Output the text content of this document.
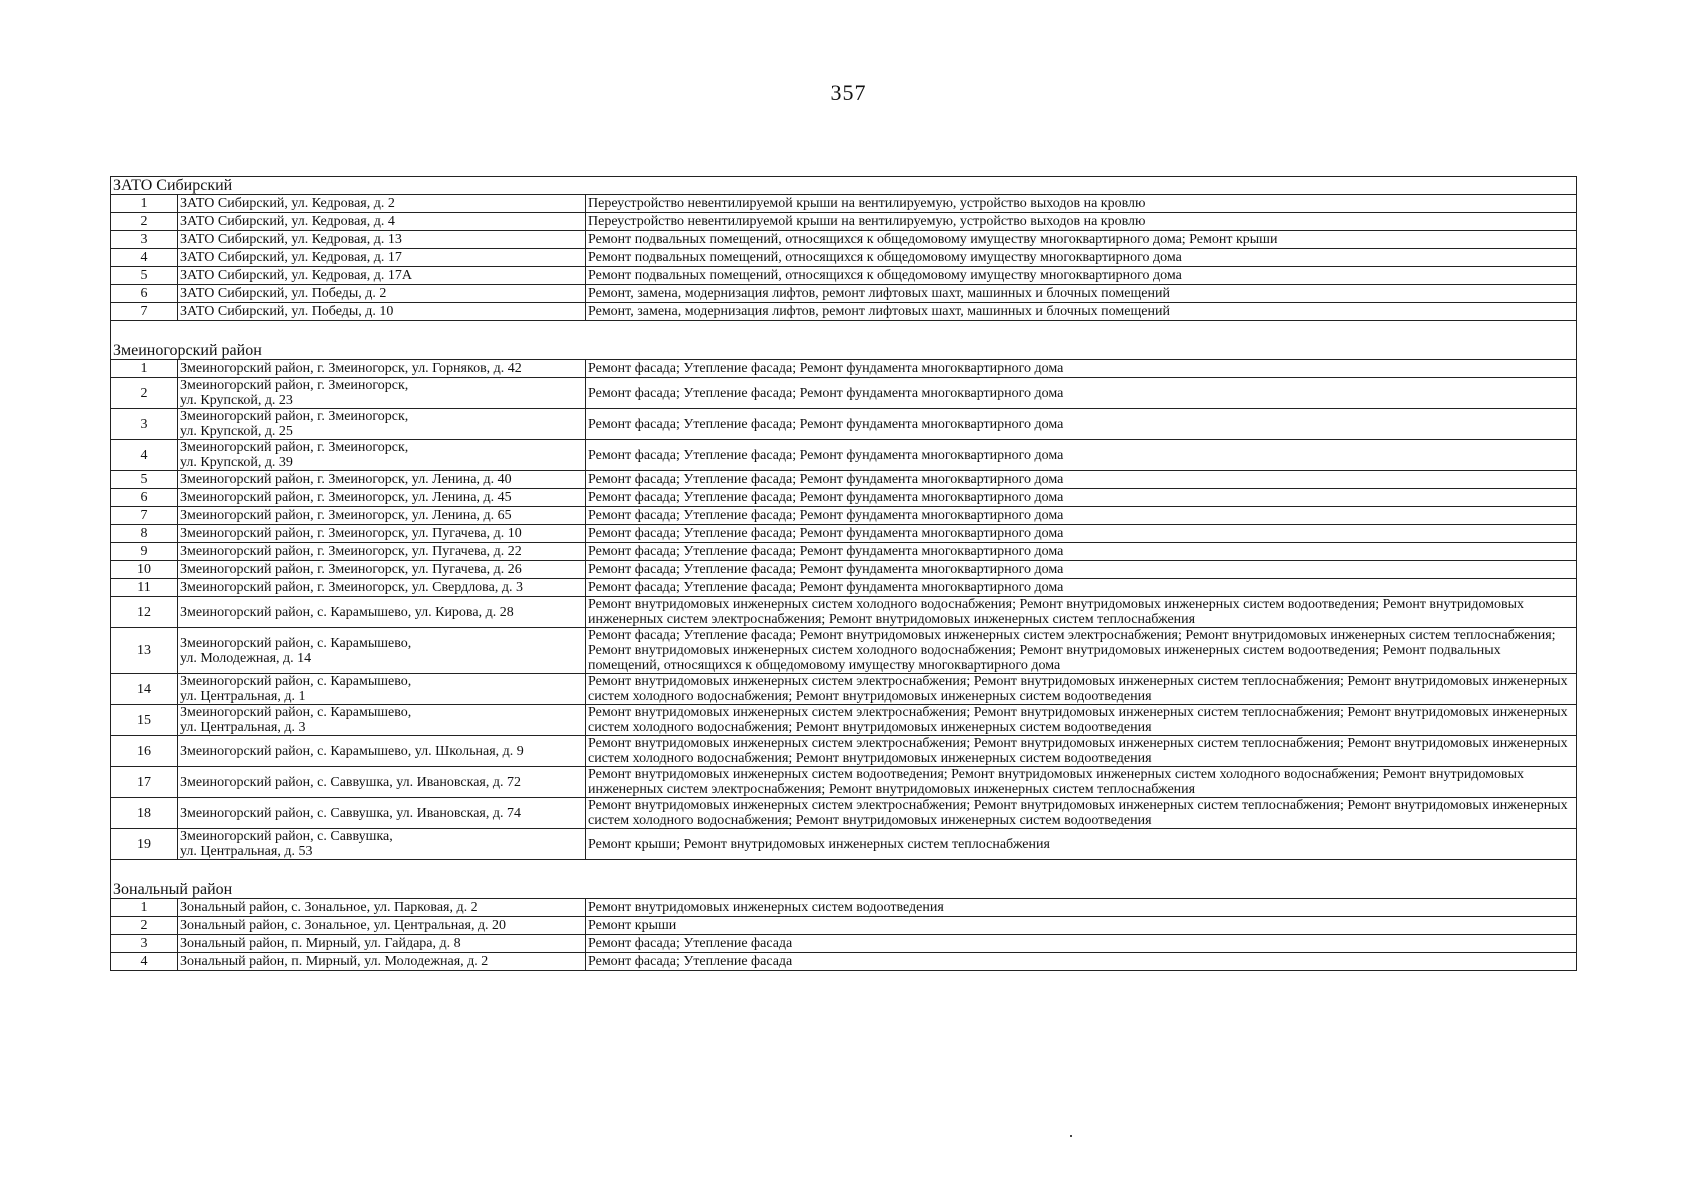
357
ЗАТО Сибирский		
1	ЗАТО Сибирский, ул. Кедровая, д. 2	Переустройство невентилируемой крыши на вентилируемую, устройство выходов на кровлю
2	ЗАТО Сибирский, ул. Кедровая, д. 4	Переустройство невентилируемой крыши на вентилируемую, устройство выходов на кровлю
3	ЗАТО Сибирский, ул. Кедровая, д. 13	Ремонт подвальных помещений, относящихся к общедомовому имуществу многоквартирного дома; Ремонт крыши
4	ЗАТО Сибирский, ул. Кедровая, д. 17	Ремонт подвальных помещений, относящихся к общедомовому имуществу многоквартирного дома
5	ЗАТО Сибирский, ул. Кедровая, д. 17А	Ремонт подвальных помещений, относящихся к общедомовому имуществу многоквартирного дома
6	ЗАТО Сибирский, ул. Победы, д. 2	Ремонт, замена, модернизация лифтов, ремонт лифтовых шахт, машинных и блочных помещений
7	ЗАТО Сибирский, ул. Победы, д. 10	Ремонт, замена, модернизация лифтов, ремонт лифтовых шахт, машинных и блочных помещений
Змеиногорский район		
1	Змеиногорский район, г. Змеиногорск, ул. Горняков, д. 42	Ремонт фасада; Утепление фасада; Ремонт фундамента многоквартирного дома
2	Змеиногорский район, г. Змеиногорск,
ул. Крупской, д. 23	Ремонт фасада; Утепление фасада; Ремонт фундамента многоквартирного дома
3	Змеиногорский район, г. Змеиногорск,
ул. Крупской, д. 25	Ремонт фасада; Утепление фасада; Ремонт фундамента многоквартирного дома
4	Змеиногорский район, г. Змеиногорск,
ул. Крупской, д. 39	Ремонт фасада; Утепление фасада; Ремонт фундамента многоквартирного дома
5	Змеиногорский район, г. Змеиногорск, ул. Ленина, д. 40	Ремонт фасада; Утепление фасада; Ремонт фундамента многоквартирного дома
6	Змеиногорский район, г. Змеиногорск, ул. Ленина, д. 45	Ремонт фасада; Утепление фасада; Ремонт фундамента многоквартирного дома
7	Змеиногорский район, г. Змеиногорск, ул. Ленина, д. 65	Ремонт фасада; Утепление фасада; Ремонт фундамента многоквартирного дома
8	Змеиногорский район, г. Змеиногорск, ул. Пугачева, д. 10	Ремонт фасада; Утепление фасада; Ремонт фундамента многоквартирного дома
9	Змеиногорский район, г. Змеиногорск, ул. Пугачева, д. 22	Ремонт фасада; Утепление фасада; Ремонт фундамента многоквартирного дома
10	Змеиногорский район, г. Змеиногорск, ул. Пугачева, д. 26	Ремонт фасада; Утепление фасада; Ремонт фундамента многоквартирного дома
11	Змеиногорский район, г. Змеиногорск, ул. Свердлова, д. 3	Ремонт фасада; Утепление фасада; Ремонт фундамента многоквартирного дома
12	Змеиногорский район, с. Карамышево, ул. Кирова, д. 28	Ремонт внутридомовых инженерных систем холодного водоснабжения; Ремонт внутридомовых инженерных систем водоотведения; Ремонт внутридомовых инженерных систем электроснабжения; Ремонт внутридомовых инженерных систем теплоснабжения
13	Змеиногорский район, с. Карамышево,
ул. Молодежная, д. 14	Ремонт фасада; Утепление фасада; Ремонт внутридомовых инженерных систем электроснабжения; Ремонт внутридомовых инженерных систем теплоснабжения; Ремонт внутридомовых инженерных систем холодного водоснабжения; Ремонт внутридомовых инженерных систем водоотведения; Ремонт подвальных помещений, относящихся к общедомовому имуществу многоквартирного дома
14	Змеиногорский район, с. Карамышево,
ул. Центральная, д. 1	Ремонт внутридомовых инженерных систем электроснабжения; Ремонт внутридомовых инженерных систем теплоснабжения; Ремонт внутридомовых инженерных систем холодного водоснабжения; Ремонт внутридомовых инженерных систем водоотведения
15	Змеиногорский район, с. Карамышево,
ул. Центральная, д. 3	Ремонт внутридомовых инженерных систем электроснабжения; Ремонт внутридомовых инженерных систем теплоснабжения; Ремонт внутридомовых инженерных систем холодного водоснабжения; Ремонт внутридомовых инженерных систем водоотведения
16	Змеиногорский район, с. Карамышево, ул. Школьная, д. 9	Ремонт внутридомовых инженерных систем электроснабжения; Ремонт внутридомовых инженерных систем теплоснабжения; Ремонт внутридомовых инженерных систем холодного водоснабжения; Ремонт внутридомовых инженерных систем водоотведения
17	Змеиногорский район, с. Саввушка, ул. Ивановская, д. 72	Ремонт внутридомовых инженерных систем водоотведения; Ремонт внутридомовых инженерных систем холодного водоснабжения; Ремонт внутридомовых инженерных систем электроснабжения; Ремонт внутридомовых инженерных систем теплоснабжения
18	Змеиногорский район, с. Саввушка, ул. Ивановская, д. 74	Ремонт внутридомовых инженерных систем электроснабжения; Ремонт внутридомовых инженерных систем теплоснабжения; Ремонт внутридомовых инженерных систем холодного водоснабжения; Ремонт внутридомовых инженерных систем водоотведения
19	Змеиногорский район, с. Саввушка,
ул. Центральная, д. 53	Ремонт крыши; Ремонт внутридомовых инженерных систем теплоснабжения
Зональный район		
1	Зональный район, с. Зональное, ул. Парковая, д. 2	Ремонт внутридомовых инженерных систем водоотведения
2	Зональный район, с. Зональное, ул. Центральная, д. 20	Ремонт крыши
3	Зональный район, п. Мирный, ул. Гайдара, д. 8	Ремонт фасада; Утепление фасада
4	Зональный район, п. Мирный, ул. Молодежная, д. 2	Ремонт фасада; Утепление фасада
